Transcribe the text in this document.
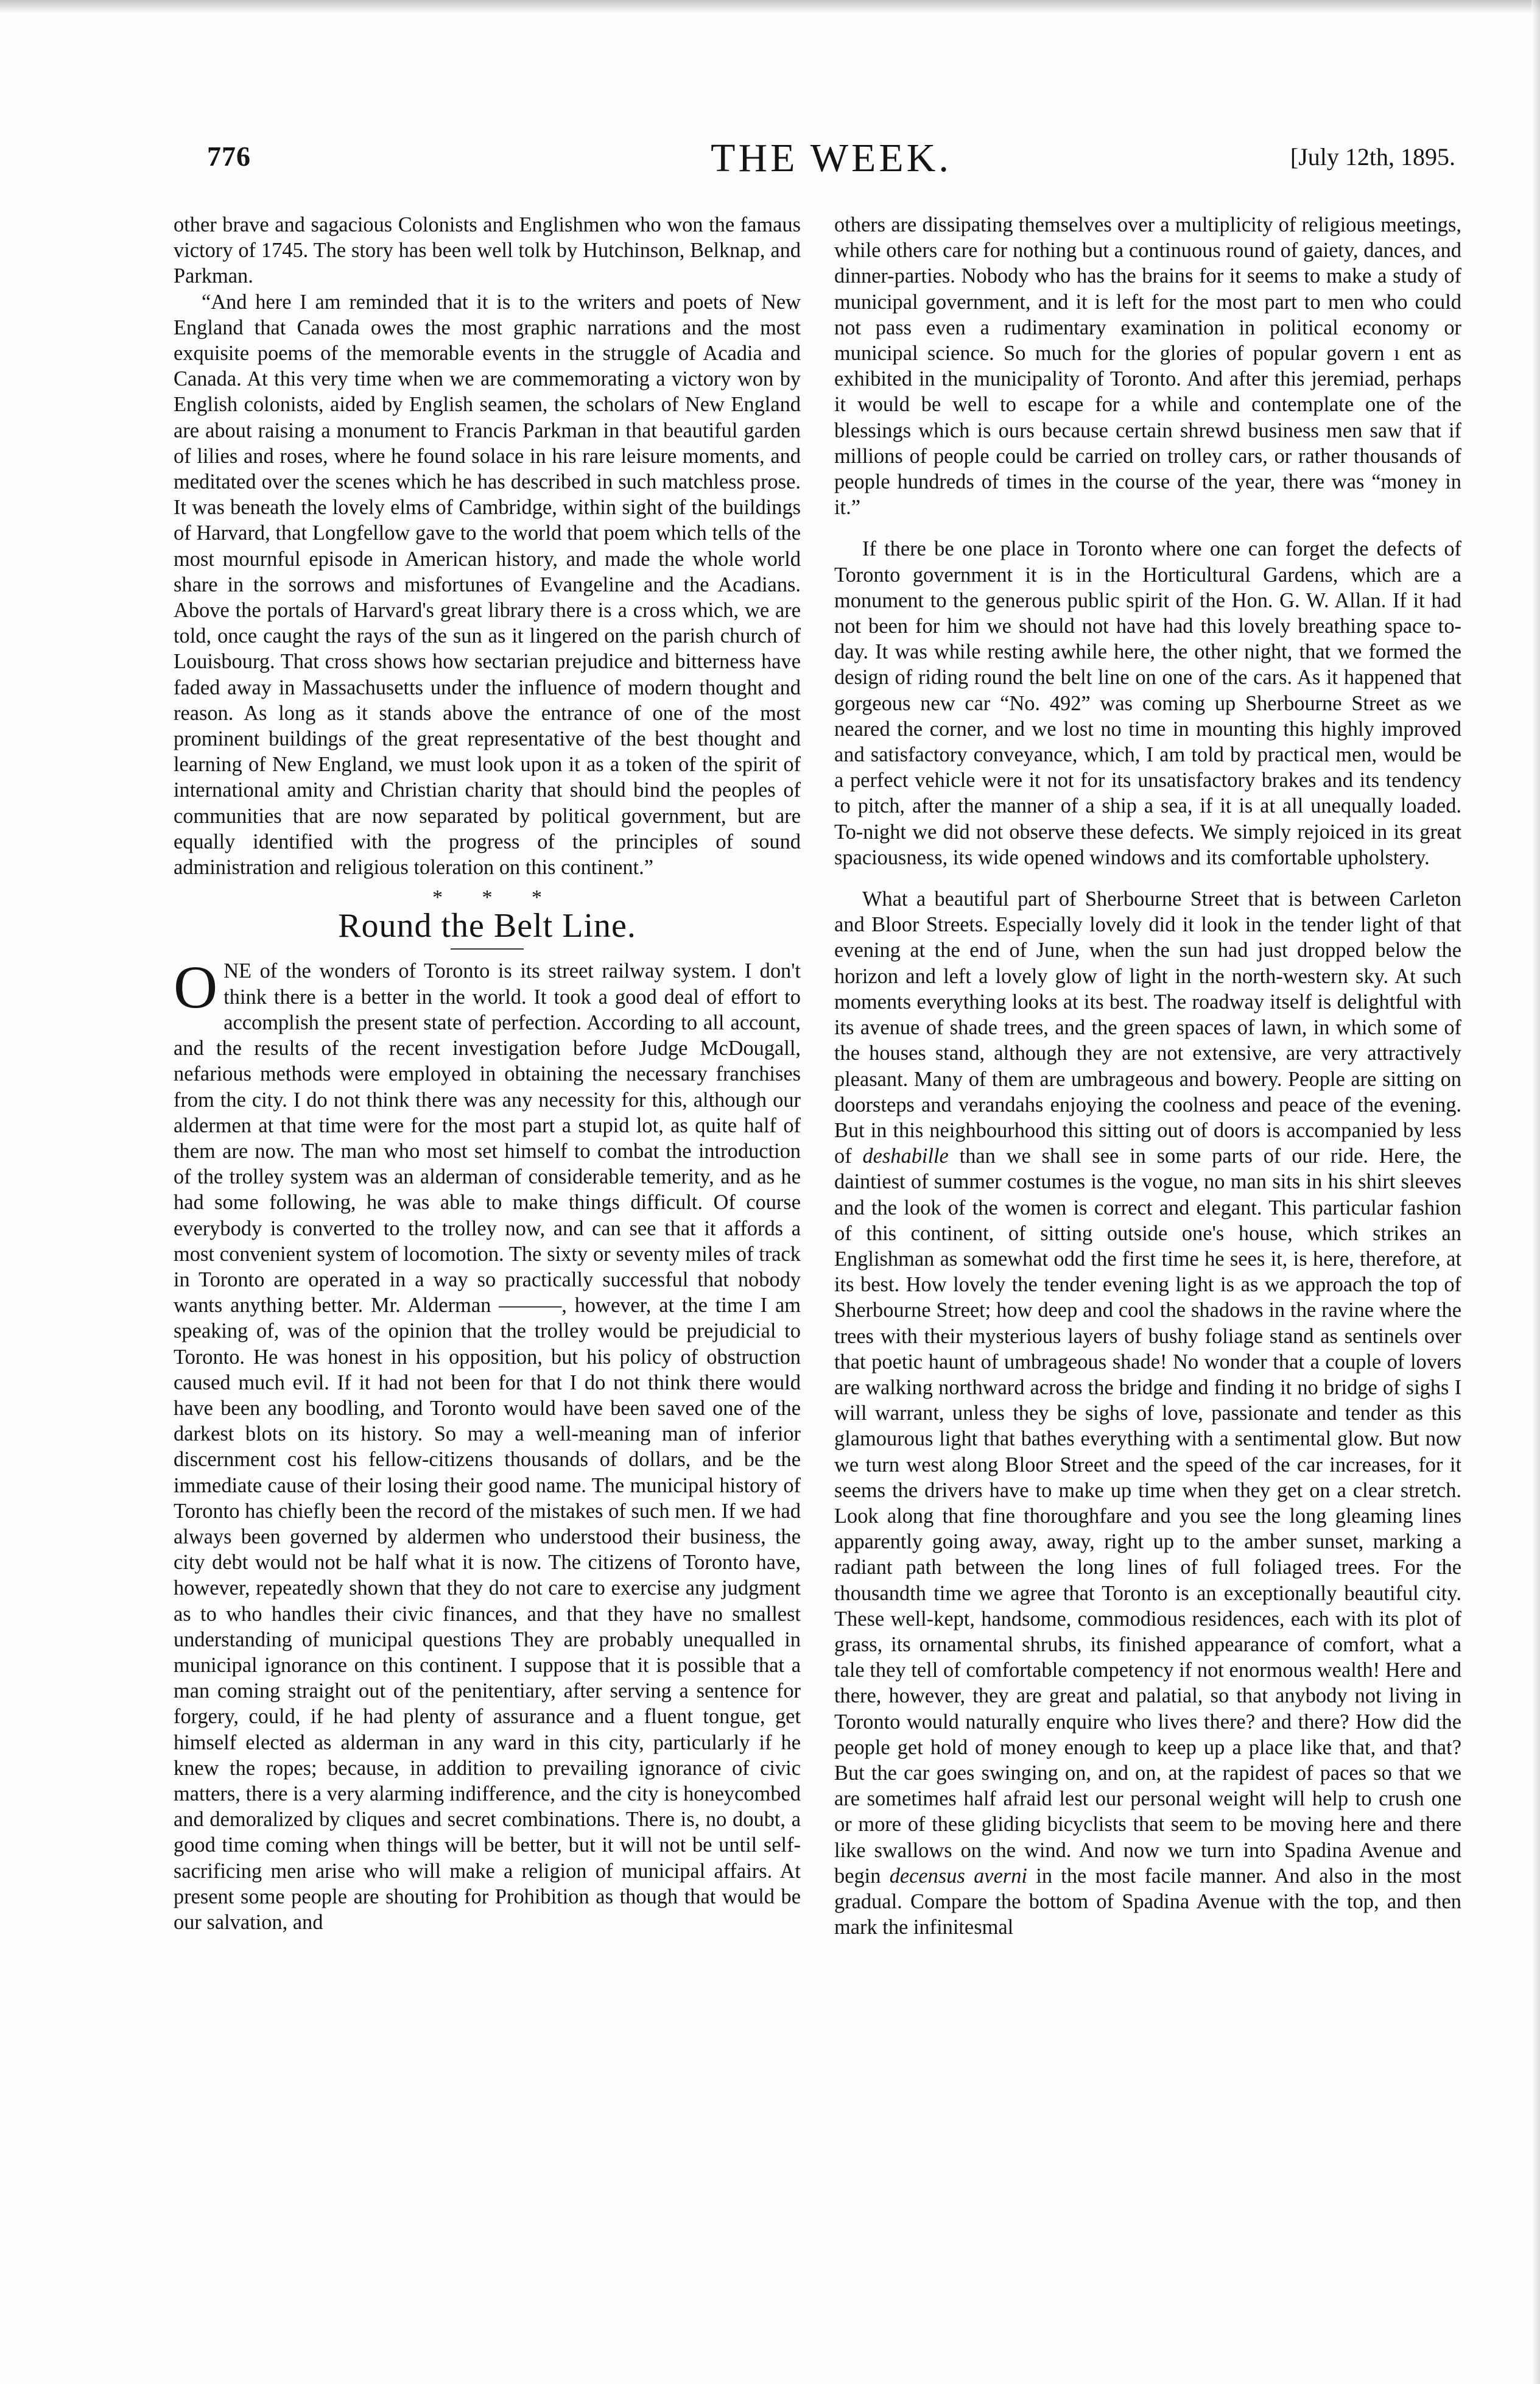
776	THE WEEK.	[July 12th, 1895.

other brave and sagacious Colonists and Englishmen who won the famaus victory of 1745. The story has been well tolk by Hutchinson, Belknap, and Parkman.

“And here I am reminded that it is to the writers and poets of New England that Canada owes the most graphic narrations and the most exquisite poems of the memorable events in the struggle of Acadia and Canada. At this very time when we are commemorating a victory won by English colonists, aided by English seamen, the scholars of New England are about raising a monument to Francis Parkman in that beautiful garden of lilies and roses, where he found solace in his rare leisure moments, and meditated over the scenes which he has described in such matchless prose. It was beneath the lovely elms of Cambridge, within sight of the buildings of Harvard, that Longfellow gave to the world that poem which tells of the most mournful episode in American history, and made the whole world share in the sorrows and misfortunes of Evangeline and the Acadians. Above the portals of Harvard's great library there is a cross which, we are told, once caught the rays of the sun as it lingered on the parish church of Louisbourg. That cross shows how sectarian prejudice and bitterness have faded away in Massachusetts under the influence of modern thought and reason. As long as it stands above the entrance of one of the most prominent buildings of the great representative of the best thought and learning of New England, we must look upon it as a token of the spirit of international amity and Christian charity that should bind the peoples of communities that are now separated by political government, but are equally identified with the progress of the principles of sound administration and religious toleration on this continent.”

* * *
Round the Belt Line.

ONE of the wonders of Toronto is its street railway system. I don't think there is a better in the world. It took a good deal of effort to accomplish the present state of perfection. According to all account, and the results of the recent investigation before Judge McDougall, nefarious methods were employed in obtaining the necessary franchises from the city. I do not think there was any necessity for this, although our aldermen at that time were for the most part a stupid lot, as quite half of them are now. The man who most set himself to combat the introduction of the trolley system was an alderman of considerable temerity, and as he had some following, he was able to make things difficult. Of course everybody is converted to the trolley now, and can see that it affords a most convenient system of locomotion. The sixty or seventy miles of track in Toronto are operated in a way so practically successful that nobody wants anything better. Mr. Alderman ———, however, at the time I am speaking of, was of the opinion that the trolley would be prejudicial to Toronto. He was honest in his opposition, but his policy of obstruction caused much evil. If it had not been for that I do not think there would have been any boodling, and Toronto would have been saved one of the darkest blots on its history. So may a well-meaning man of inferior discernment cost his fellow-citizens thousands of dollars, and be the immediate cause of their losing their good name. The municipal history of Toronto has chiefly been the record of the mistakes of such men. If we had always been governed by aldermen who understood their business, the city debt would not be half what it is now. The citizens of Toronto have, however, repeatedly shown that they do not care to exercise any judgment as to who handles their civic finances, and that they have no smallest understanding of municipal questions They are probably unequalled in municipal ignorance on this continent. I suppose that it is possible that a man coming straight out of the penitentiary, after serving a sentence for forgery, could, if he had plenty of assurance and a fluent tongue, get himself elected as alderman in any ward in this city, particularly if he knew the ropes; because, in addition to prevailing ignorance of civic matters, there is a very alarming indifference, and the city is honeycombed and demoralized by cliques and secret combinations. There is, no doubt, a good time coming when things will be better, but it will not be until self-sacrificing men arise who will make a religion of municipal affairs. At present some people are shouting for Prohibition as though that would be our salvation, and

others are dissipating themselves over a multiplicity of religious meetings, while others care for nothing but a continuous round of gaiety, dances, and dinner-parties. Nobody who has the brains for it seems to make a study of municipal government, and it is left for the most part to men who could not pass even a rudimentary examination in political economy or municipal science. So much for the glories of popular govern ı ent as exhibited in the municipality of Toronto. And after this jeremiad, perhaps it would be well to escape for a while and contemplate one of the blessings which is ours because certain shrewd business men saw that if millions of people could be carried on trolley cars, or rather thousands of people hundreds of times in the course of the year, there was “money in it.”

If there be one place in Toronto where one can forget the defects of Toronto government it is in the Horticultural Gardens, which are a monument to the generous public spirit of the Hon. G. W. Allan. If it had not been for him we should not have had this lovely breathing space to-day. It was while resting awhile here, the other night, that we formed the design of riding round the belt line on one of the cars. As it happened that gorgeous new car “No. 492” was coming up Sherbourne Street as we neared the corner, and we lost no time in mounting this highly improved and satisfactory conveyance, which, I am told by practical men, would be a perfect vehicle were it not for its unsatisfactory brakes and its tendency to pitch, after the manner of a ship a sea, if it is at all unequally loaded. To-night we did not observe these defects. We simply rejoiced in its great spaciousness, its wide opened windows and its comfortable upholstery.

What a beautiful part of Sherbourne Street that is between Carleton and Bloor Streets. Especially lovely did it look in the tender light of that evening at the end of June, when the sun had just dropped below the horizon and left a lovely glow of light in the north-western sky. At such moments everything looks at its best. The roadway itself is delightful with its avenue of shade trees, and the green spaces of lawn, in which some of the houses stand, although they are not extensive, are very attractively pleasant. Many of them are umbrageous and bowery. People are sitting on doorsteps and verandahs enjoying the coolness and peace of the evening. But in this neighbourhood this sitting out of doors is accompanied by less of deshabille than we shall see in some parts of our ride. Here, the daintiest of summer costumes is the vogue, no man sits in his shirt sleeves and the look of the women is correct and elegant. This particular fashion of this continent, of sitting outside one's house, which strikes an Englishman as somewhat odd the first time he sees it, is here, therefore, at its best. How lovely the tender evening light is as we approach the top of Sherbourne Street; how deep and cool the shadows in the ravine where the trees with their mysterious layers of bushy foliage stand as sentinels over that poetic haunt of umbrageous shade! No wonder that a couple of lovers are walking northward across the bridge and finding it no bridge of sighs I will warrant, unless they be sighs of love, passionate and tender as this glamourous light that bathes everything with a sentimental glow. But now we turn west along Bloor Street and the speed of the car increases, for it seems the drivers have to make up time when they get on a clear stretch. Look along that fine thoroughfare and you see the long gleaming lines apparently going away, away, right up to the amber sunset, marking a radiant path between the long lines of full foliaged trees. For the thousandth time we agree that Toronto is an exceptionally beautiful city. These well-kept, handsome, commodious residences, each with its plot of grass, its ornamental shrubs, its finished appearance of comfort, what a tale they tell of comfortable competency if not enormous wealth! Here and there, however, they are great and palatial, so that anybody not living in Toronto would naturally enquire who lives there? and there? How did the people get hold of money enough to keep up a place like that, and that? But the car goes swinging on, and on, at the rapidest of paces so that we are sometimes half afraid lest our personal weight will help to crush one or more of these gliding bicyclists that seem to be moving here and there like swallows on the wind. And now we turn into Spadina Avenue and begin decensus averni in the most facile manner. And also in the most gradual. Compare the bottom of Spadina Avenue with the top, and then mark the infinitesmal
